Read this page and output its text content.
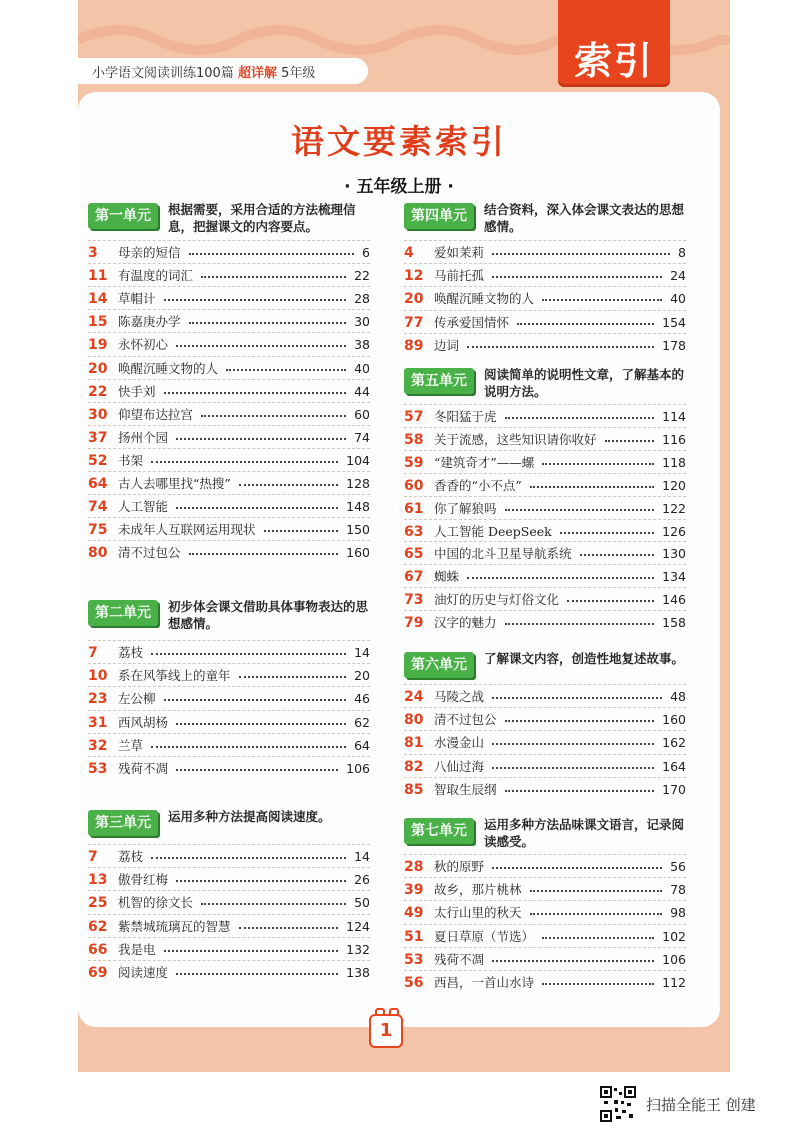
小学语文阅读训练100篇 超详解 5年级	索引
语文要素索引
· 五年级上册 ·
第一单元	根据需要，采用合适的方法梳理信息，把握课文的内容要点。
3 母亲的短信	6
11 有温度的词汇	22
14 草帽计	28
15 陈嘉庚办学	30
19 永怀初心	38
20 唤醒沉睡文物的人	40
22 快手刘	44
30 仰望布达拉宫	60
37 扬州个园	74
52 书架	104
64 古人去哪里找“热搜”	128
74 人工智能	148
75 未成年人互联网运用现状	150
80 清不过包公	160
第二单元	初步体会课文借助具体事物表达的思想感情。
7 荔枝	14
10 系在风筝线上的童年	20
23 左公柳	46
31 西风胡杨	62
32 兰草	64
53 残荷不凋	106
第三单元	运用多种方法提高阅读速度。
7 荔枝	14
13 傲骨红梅	26
25 机智的徐文长	50
62 紫禁城琉璃瓦的智慧	124
66 我是电	132
69 阅读速度	138
第四单元	结合资料，深入体会课文表达的思想感情。
4 爱如茉莉	8
12 马前托孤	24
20 唤醒沉睡文物的人	40
77 传承爱国情怀	154
89 边词	178
第五单元	阅读简单的说明性文章，了解基本的说明方法。
57 冬阳猛于虎	114
58 关于流感，这些知识请你收好	116
59 “建筑奇才”——螺	118
60 香香的“小不点”	120
61 你了解狼吗	122
63 人工智能 DeepSeek	126
65 中国的北斗卫星导航系统	130
67 蜘蛛	134
73 油灯的历史与灯俗文化	146
79 汉字的魅力	158
第六单元	了解课文内容，创造性地复述故事。
24 马陵之战	48
80 清不过包公	160
81 水漫金山	162
82 八仙过海	164
85 智取生辰纲	170
第七单元	运用多种方法品味课文语言，记录阅读感受。
28 秋的原野	56
39 故乡，那片桃林	78
49 太行山里的秋天	98
51 夏日草原（节选）	102
53 残荷不凋	106
56 西昌，一首山水诗	112
1
扫描全能王 创建
